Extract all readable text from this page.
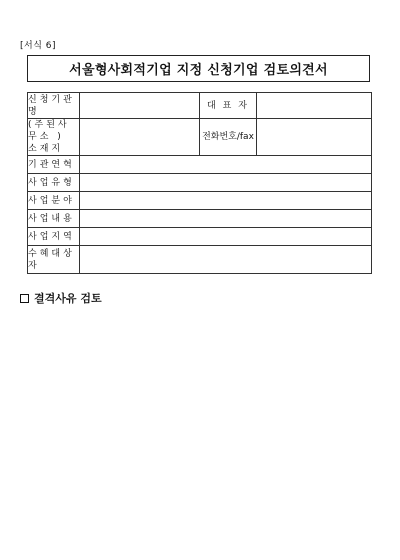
[서식 6]
서울형사회적기업 지정 신청기업 검토의견서
신청기관명		대 표 자	
(주된사무소 ) 소재지		전화번호/fax	
기관연혁			
사업유형			
사업분야			
사업내용			
사업지역			
수혜대상자			
결격사유 검토
